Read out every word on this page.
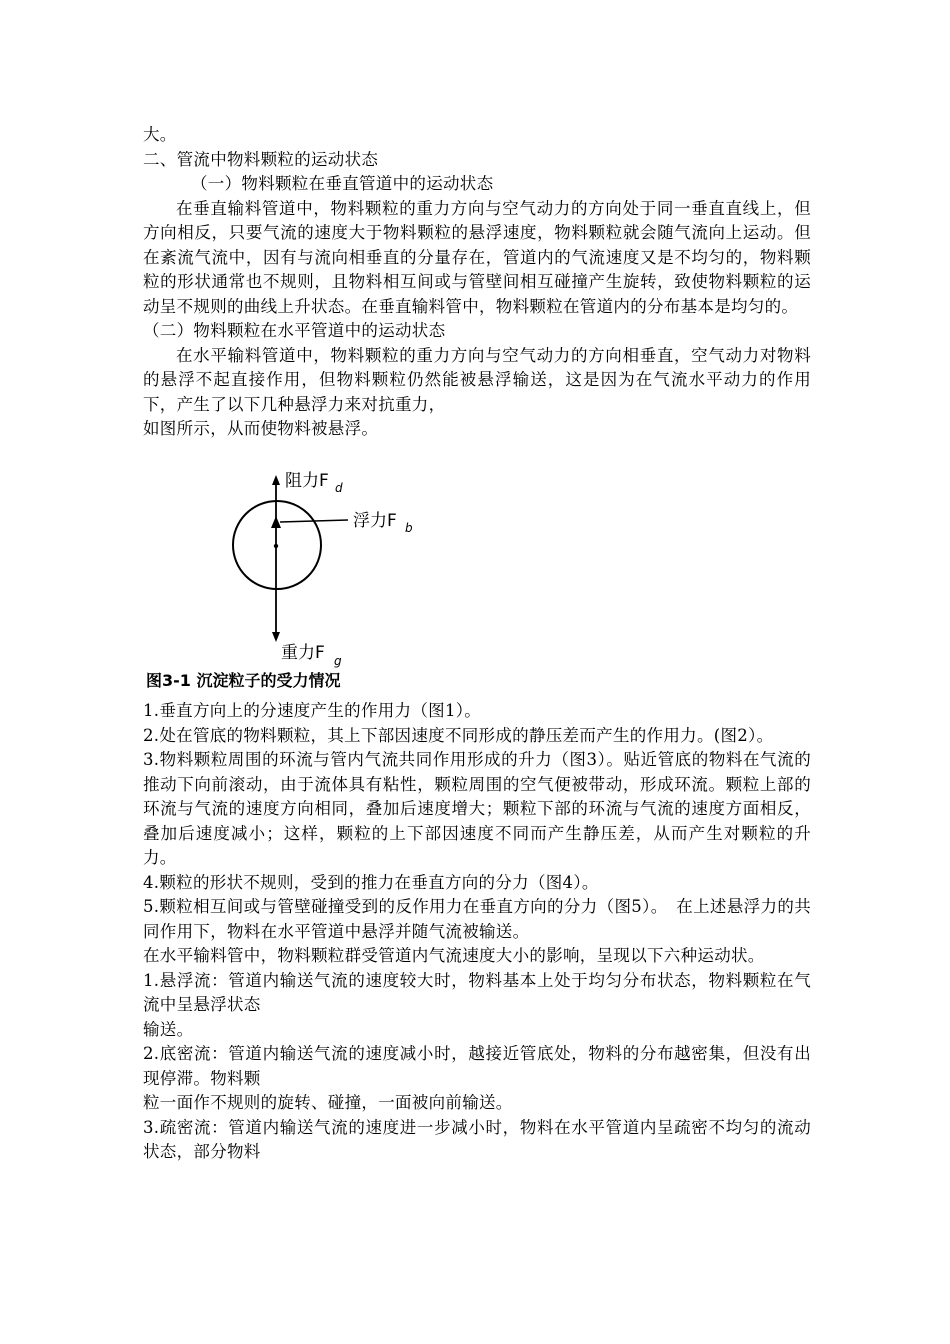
大。

二、管流中物料颗粒的运动状态

（一）物料颗粒在垂直管道中的运动状态

在垂直输料管道中，物料颗粒的重力方向与空气动力的方向处于同一垂直直线上，但方向相反，只要气流的速度大于物料颗粒的悬浮速度，物料颗粒就会随气流向上运动。但在紊流气流中，因有与流向相垂直的分量存在，管道内的气流速度又是不均匀的，物料颗粒的形状通常也不规则，且物料相互间或与管壁间相互碰撞产生旋转，致使物料颗粒的运动呈不规则的曲线上升状态。在垂直输料管中，物料颗粒在管道内的分布基本是均匀的。

（二）物料颗粒在水平管道中的运动状态

在水平输料管道中，物料颗粒的重力方向与空气动力的方向相垂直，空气动力对物料的悬浮不起直接作用，但物料颗粒仍然能被悬浮输送，这是因为在气流水平动力的作用下，产生了以下几种悬浮力来对抗重力，

如图所示，从而使物料被悬浮。

阻力F d
浮力F b
重力F g
图3-1 沉淀粒子的受力情况

1.垂直方向上的分速度产生的作用力（图1）。

2.处在管底的物料颗粒，其上下部因速度不同形成的静压差而产生的作用力。(图2）。

3.物料颗粒周围的环流与管内气流共同作用形成的升力（图3）。贴近管底的物料在气流的推动下向前滚动，由于流体具有粘性，颗粒周围的空气便被带动，形成环流。颗粒上部的环流与气流的速度方向相同，叠加后速度增大；颗粒下部的环流与气流的速度方面相反，叠加后速度减小；这样，颗粒的上下部因速度不同而产生静压差，从而产生对颗粒的升力。

4.颗粒的形状不规则，受到的推力在垂直方向的分力（图4）。

5.颗粒相互间或与管壁碰撞受到的反作用力在垂直方向的分力（图5）。　在上述悬浮力的共同作用下，物料在水平管道中悬浮并随气流被输送。

在水平输料管中，物料颗粒群受管道内气流速度大小的影响，呈现以下六种运动状。

1.悬浮流：管道内输送气流的速度较大时，物料基本上处于均匀分布状态，物料颗粒在气流中呈悬浮状态

输送。

2.底密流：管道内输送气流的速度减小时，越接近管底处，物料的分布越密集，但没有出现停滞。物料颗

粒一面作不规则的旋转、碰撞，一面被向前输送。

3.疏密流：管道内输送气流的速度进一步减小时，物料在水平管道内呈疏密不均匀的流动状态，部分物料
